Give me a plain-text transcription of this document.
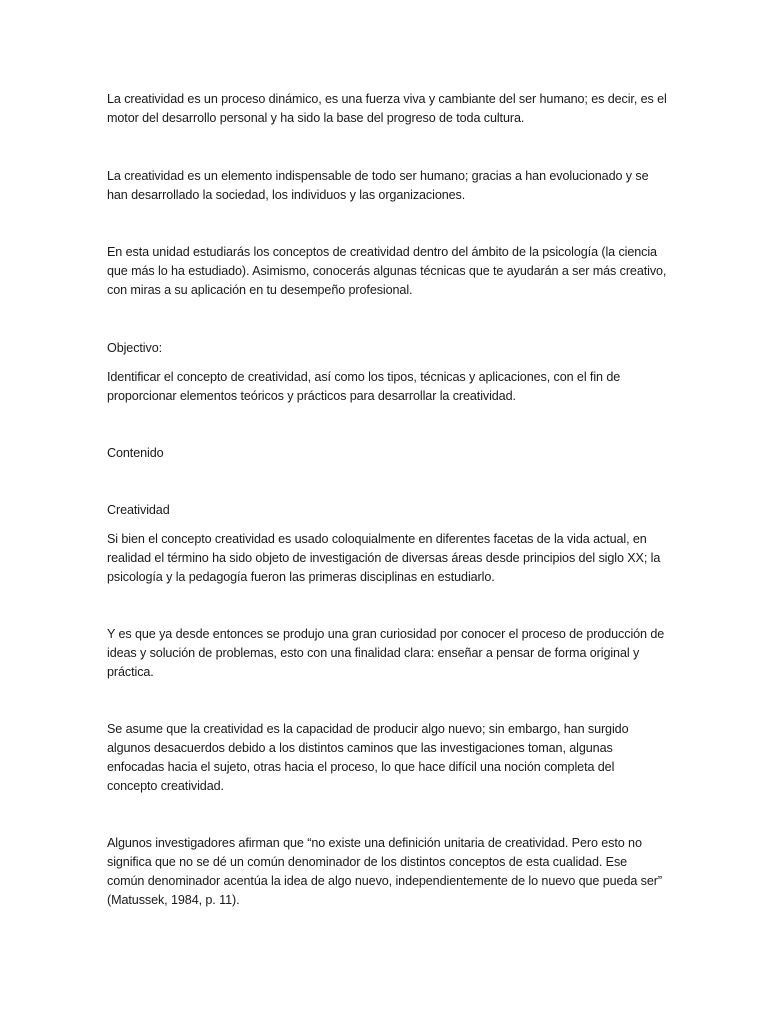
La creatividad es un proceso dinámico, es una fuerza viva y cambiante del ser humano; es decir, es el motor del desarrollo personal y ha sido la base del progreso de toda cultura.

La creatividad es un elemento indispensable de todo ser humano; gracias a han evolucionado y se han desarrollado la sociedad, los individuos y las organizaciones.

En esta unidad estudiarás los conceptos de creatividad dentro del ámbito de la psicología (la ciencia que más lo ha estudiado). Asimismo, conocerás algunas técnicas que te ayudarán a ser más creativo, con miras a su aplicación en tu desempeño profesional.

Objectivo:

Identificar el concepto de creatividad, así como los tipos, técnicas y aplicaciones, con el fin de proporcionar elementos teóricos y prácticos para desarrollar la creatividad.

Contenido

Creatividad

Si bien el concepto creatividad es usado coloquialmente en diferentes facetas de la vida actual, en realidad el término ha sido objeto de investigación de diversas áreas desde principios del siglo XX; la psicología y la pedagogía fueron las primeras disciplinas en estudiarlo.

Y es que ya desde entonces se produjo una gran curiosidad por conocer el proceso de producción de ideas y solución de problemas, esto con una finalidad clara: enseñar a pensar de forma original y práctica.

Se asume que la creatividad es la capacidad de producir algo nuevo; sin embargo, han surgido algunos desacuerdos debido a los distintos caminos que las investigaciones toman, algunas enfocadas hacia el sujeto, otras hacia el proceso, lo que hace difícil una noción completa del concepto creatividad.

Algunos investigadores afirman que “no existe una definición unitaria de creatividad. Pero esto no significa que no se dé un común denominador de los distintos conceptos de esta cualidad. Ese común denominador acentúa la idea de algo nuevo, independientemente de lo nuevo que pueda ser” (Matussek, 1984, p. 11).
